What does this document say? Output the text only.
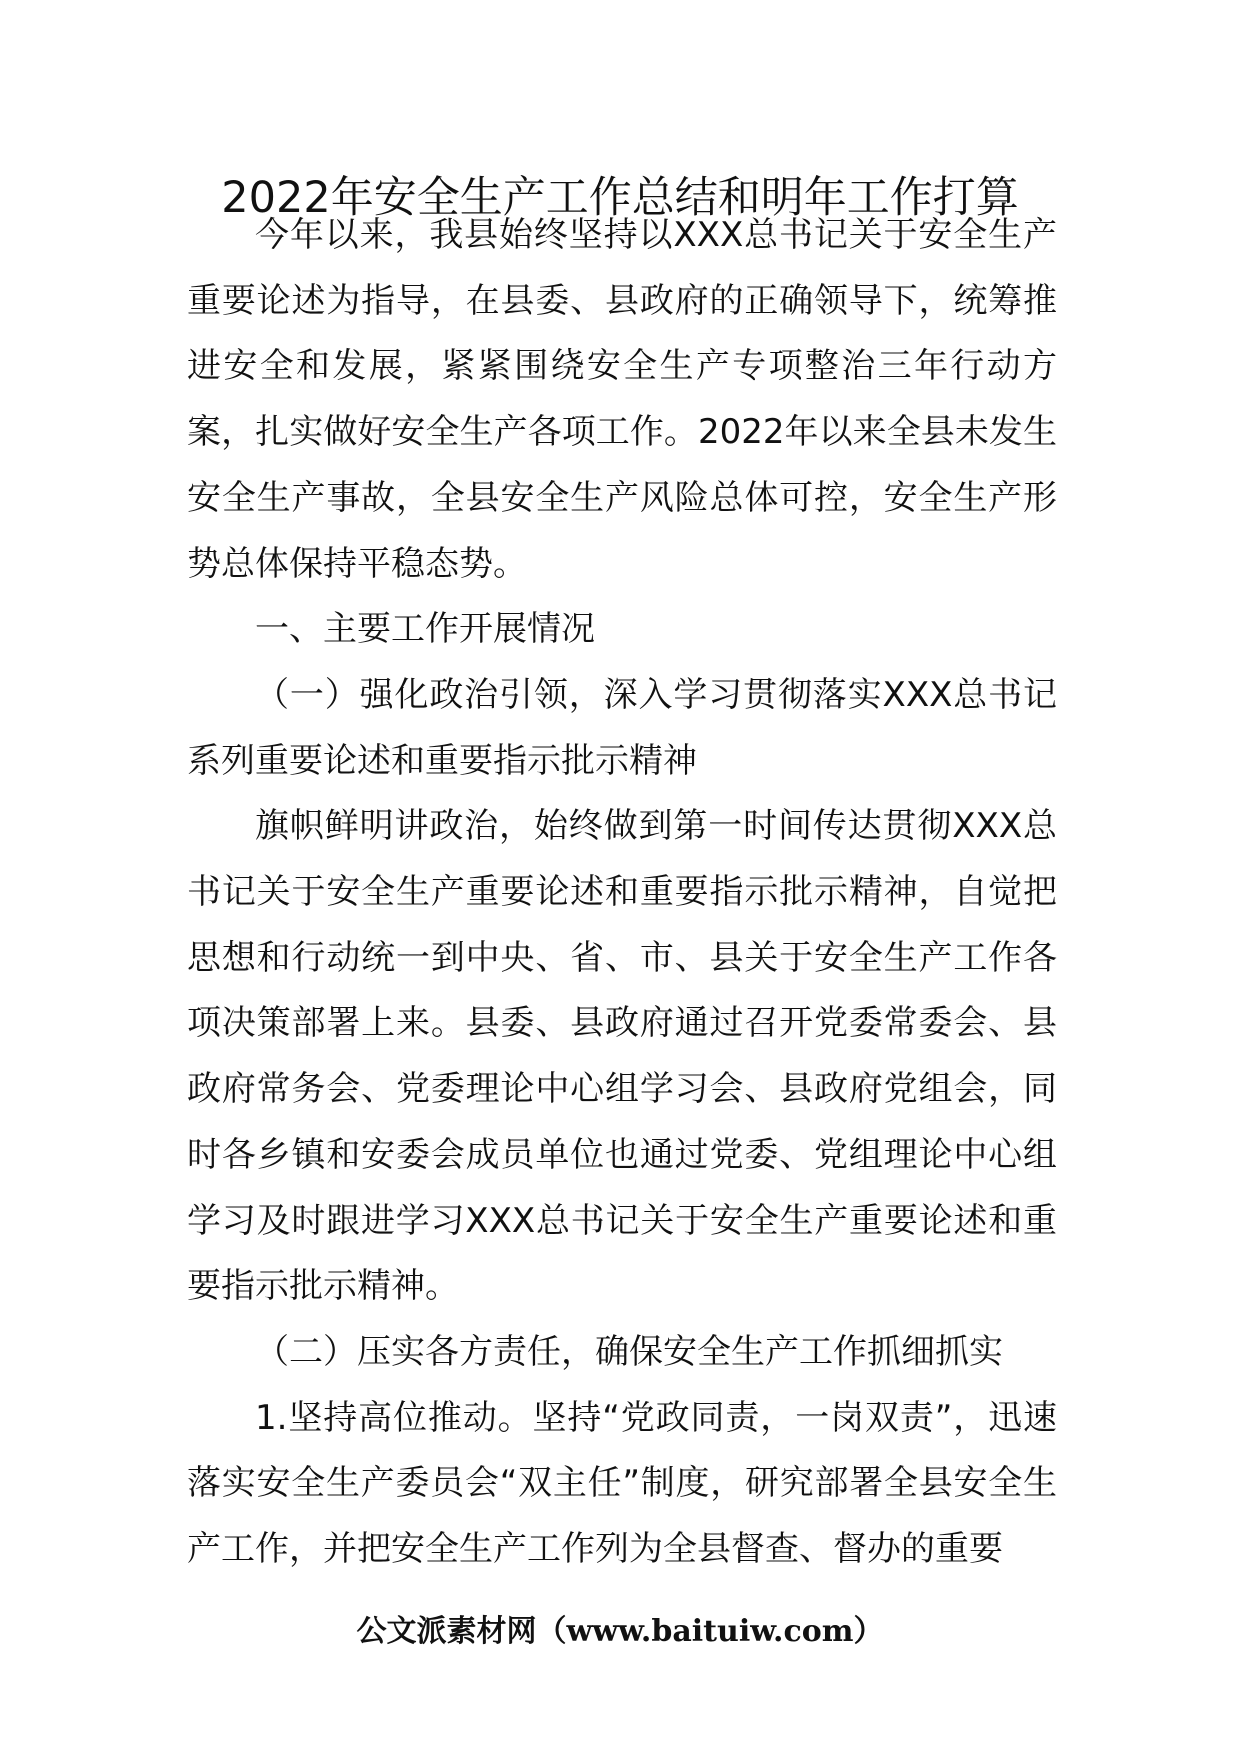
2022年安全生产工作总结和明年工作打算

今年以来，我县始终坚持以XXX总书记关于安全生产重要论述为指导，在县委、县政府的正确领导下，统筹推进安全和发展，紧紧围绕安全生产专项整治三年行动方案，扎实做好安全生产各项工作。2022年以来全县未发生安全生产事故，全县安全生产风险总体可控，安全生产形势总体保持平稳态势。

一、主要工作开展情况

（一）强化政治引领，深入学习贯彻落实XXX总书记系列重要论述和重要指示批示精神

旗帜鲜明讲政治，始终做到第一时间传达贯彻XXX总书记关于安全生产重要论述和重要指示批示精神，自觉把思想和行动统一到中央、省、市、县关于安全生产工作各项决策部署上来。县委、县政府通过召开党委常委会、县政府常务会、党委理论中心组学习会、县政府党组会，同时各乡镇和安委会成员单位也通过党委、党组理论中心组学习及时跟进学习XXX总书记关于安全生产重要论述和重要指示批示精神。

（二）压实各方责任，确保安全生产工作抓细抓实

1.坚持高位推动。坚持“党政同责，一岗双责”，迅速落实安全生产委员会“双主任”制度，研究部署全县安全生产工作，并把安全生产工作列为全县督查、督办的重要

公文派素材网（www.baituiw.com）
